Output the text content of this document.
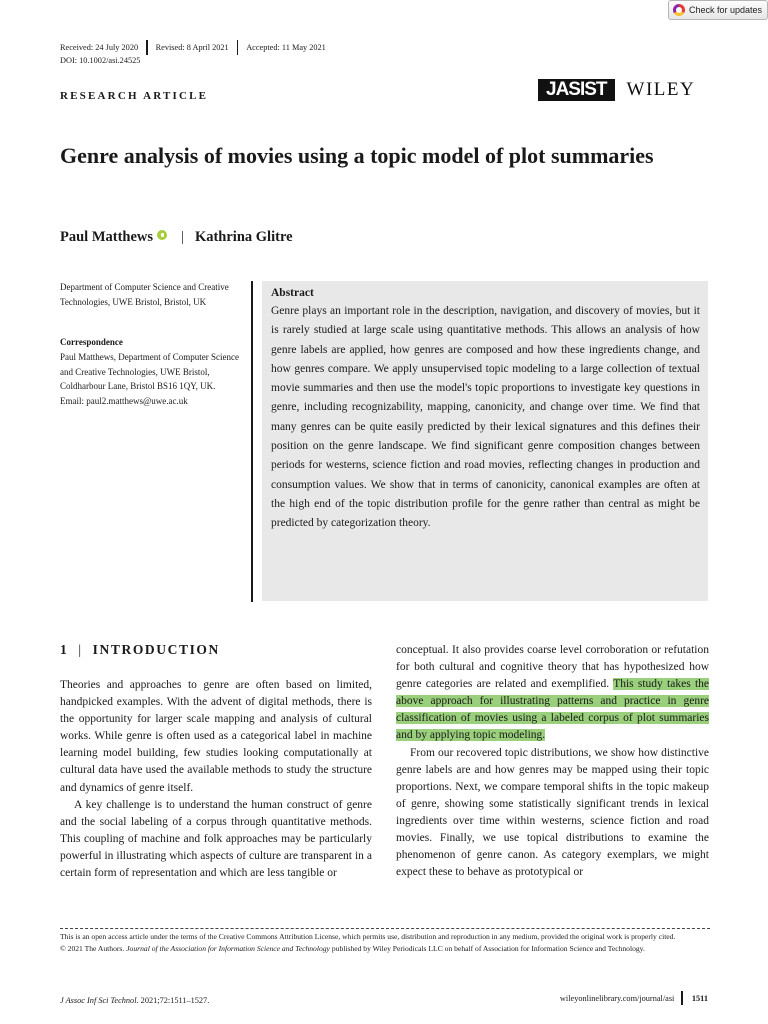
Check for updates
Received: 24 July 2020 Revised: 8 April 2021 Accepted: 11 May 2021
DOI: 10.1002/asi.24525
RESEARCH ARTICLE	JASIST	WILEY
Genre analysis of movies using a topic model of plot summaries
Paul Matthews | Kathrina Glitre
Department of Computer Science and Creative Technologies, UWE Bristol, Bristol, UK
Correspondence
Paul Matthews, Department of Computer Science and Creative Technologies, UWE Bristol, Coldharbour Lane, Bristol BS16 1QY, UK.
Email: paul2.matthews@uwe.ac.uk
Abstract
Genre plays an important role in the description, navigation, and discovery of movies, but it is rarely studied at large scale using quantitative methods. This allows an analysis of how genre labels are applied, how genres are composed and how these ingredients change, and how genres compare. We apply unsupervised topic modeling to a large collection of textual movie summaries and then use the model's topic proportions to investigate key questions in genre, including recognizability, mapping, canonicity, and change over time. We find that many genres can be quite easily predicted by their lexical signatures and this defines their position on the genre landscape. We find significant genre composition changes between periods for westerns, science fiction and road movies, reflecting changes in production and consumption values. We show that in terms of canonicity, canonical examples are often at the high end of the topic distribution profile for the genre rather than central as might be predicted by categorization theory.
1 | INTRODUCTION

Theories and approaches to genre are often based on limited, handpicked examples. With the advent of digital methods, there is the opportunity for larger scale mapping and analysis of cultural works. While genre is often used as a categorical label in machine learning model building, few studies looking computationally at cultural data have used the available methods to study the structure and dynamics of genre itself.

A key challenge is to understand the human construct of genre and the social labeling of a corpus through quantitative methods. This coupling of machine and folk approaches may be particularly powerful in illustrating which aspects of culture are transparent in a certain form of representation and which are less tangible or

conceptual. It also provides coarse level corroboration or refutation for both cultural and cognitive theory that has hypothesized how genre categories are related and exemplified. This study takes the above approach for illustrating patterns and practice in genre classification of movies using a labeled corpus of plot summaries and by applying topic modeling.

From our recovered topic distributions, we show how distinctive genre labels are and how genres may be mapped using their topic proportions. Next, we compare temporal shifts in the topic makeup of genre, showing some statistically significant trends in lexical ingredients over time within westerns, science fiction and road movies. Finally, we use topical distributions to examine the phenomenon of genre canon. As category exemplars, we might expect these to behave as prototypical or

This is an open access article under the terms of the Creative Commons Attribution License, which permits use, distribution and reproduction in any medium, provided the original work is properly cited.
© 2021 The Authors. Journal of the Association for Information Science and Technology published by Wiley Periodicals LLC on behalf of Association for Information Science and Technology.
J Assoc Inf Sci Technol. 2021;72:1511–1527.	wileyonlinelibrary.com/journal/asi 1511
